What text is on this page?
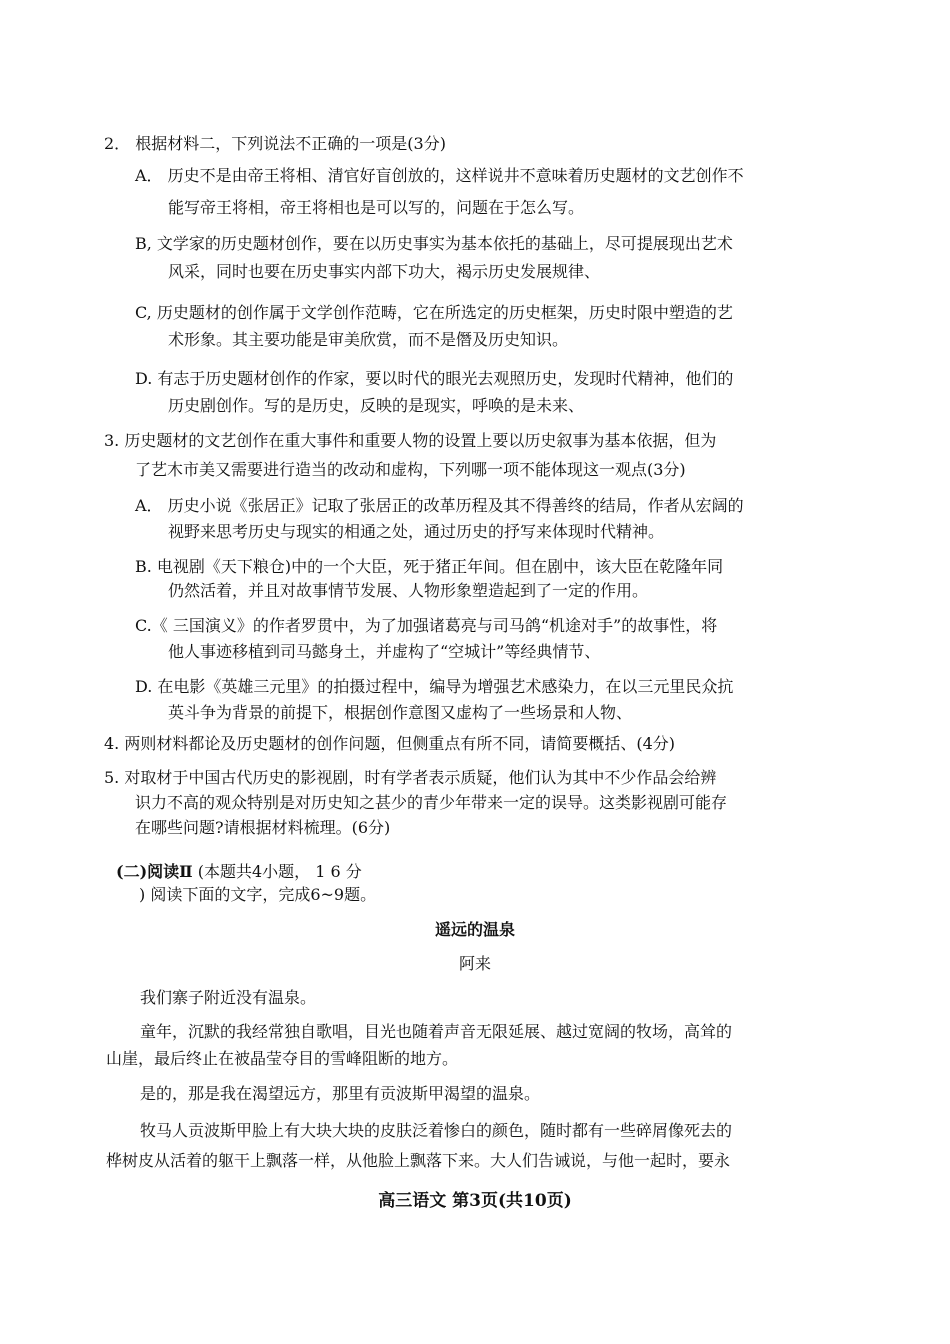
2． 根据材料二，下列说法不正确的一项是(3分)
A． 历史不是由帝王将相、清官好盲创放的，这样说井不意味着历史题材的文艺创作不
能写帝王将相，帝王将相也是可以写的，问题在于怎么写。
B, 文学家的历史题材创作，要在以历史事实为基本依托的基础上，尽可提展现出艺术
风采，同时也要在历史事实内部下功大，褐示历史发展规律、
C, 历史题材的创作属于文学创作范畴，它在所选定的历史框架，历史时限中塑造的艺
术形象。其主要功能是审美欣赏，而不是僭及历史知识。
D. 有志于历史题材创作的作家，要以时代的眼光去观照历史，发现时代精神，他们的
历史剧创作。写的是历史，反映的是现实，呼唤的是未来、
3. 历史题材的文艺创作在重大事件和重要人物的设置上要以历史叙事为基本依据，但为
了艺木市美又需要进行造当的改动和虚构，下列哪一项不能体现这一观点(3分)
A． 历史小说《张居正》记取了张居正的改革历程及其不得善终的结局，作者从宏阔的
视野来思考历史与现实的相通之处，通过历史的抒写来体现时代精神。
B. 电视剧《天下粮仓)中的一个大臣，死于猪正年间。但在剧中，该大臣在乾隆年同
仍然活着，并且对故事情节发展、人物形象塑造起到了一定的作用。
C.《 三国演义》的作者罗贯中，为了加强诸葛亮与司马鸽“机途对手”的故事性，将
他人事迹移植到司马懿身土，并虚构了“空城计”等经典情节、
D. 在电影《英雄三元里》的拍摄过程中，编导为增强艺术感染力，在以三元里民众抗
英斗争为背景的前提下，根据创作意图又虚构了一些场景和人物、
4. 两则材料都论及历史题材的创作问题，但侧重点有所不同，请简要概括、(4分)
5. 对取材于中国古代历史的影视剧，时有学者表示质疑，他们认为其中不少作品会给辨
识力不高的观众特别是对历史知之甚少的青少年带来一定的误导。这类影视剧可能存
在哪些问题?请根据材料梳理。(6分)
(二)阅读Ⅱ (本题共4小题， 1 6 分
) 阅读下面的文字，完成6~9题。
遥远的温泉
阿来
我们寨子附近没有温泉。
童年，沉默的我经常独自歌唱，目光也随着声音无限延展、越过宽阔的牧场，高耸的
山崖，最后终止在被晶莹夺目的雪峰阻断的地方。
是的，那是我在渴望远方，那里有贡波斯甲渴望的温泉。
牧马人贡波斯甲脸上有大块大块的皮肤泛着惨白的颜色，随时都有一些碎屑像死去的
桦树皮从活着的躯干上飘落一样，从他脸上飘落下来。大人们告诫说，与他一起时，要永
高三语文 第3页(共10页)
